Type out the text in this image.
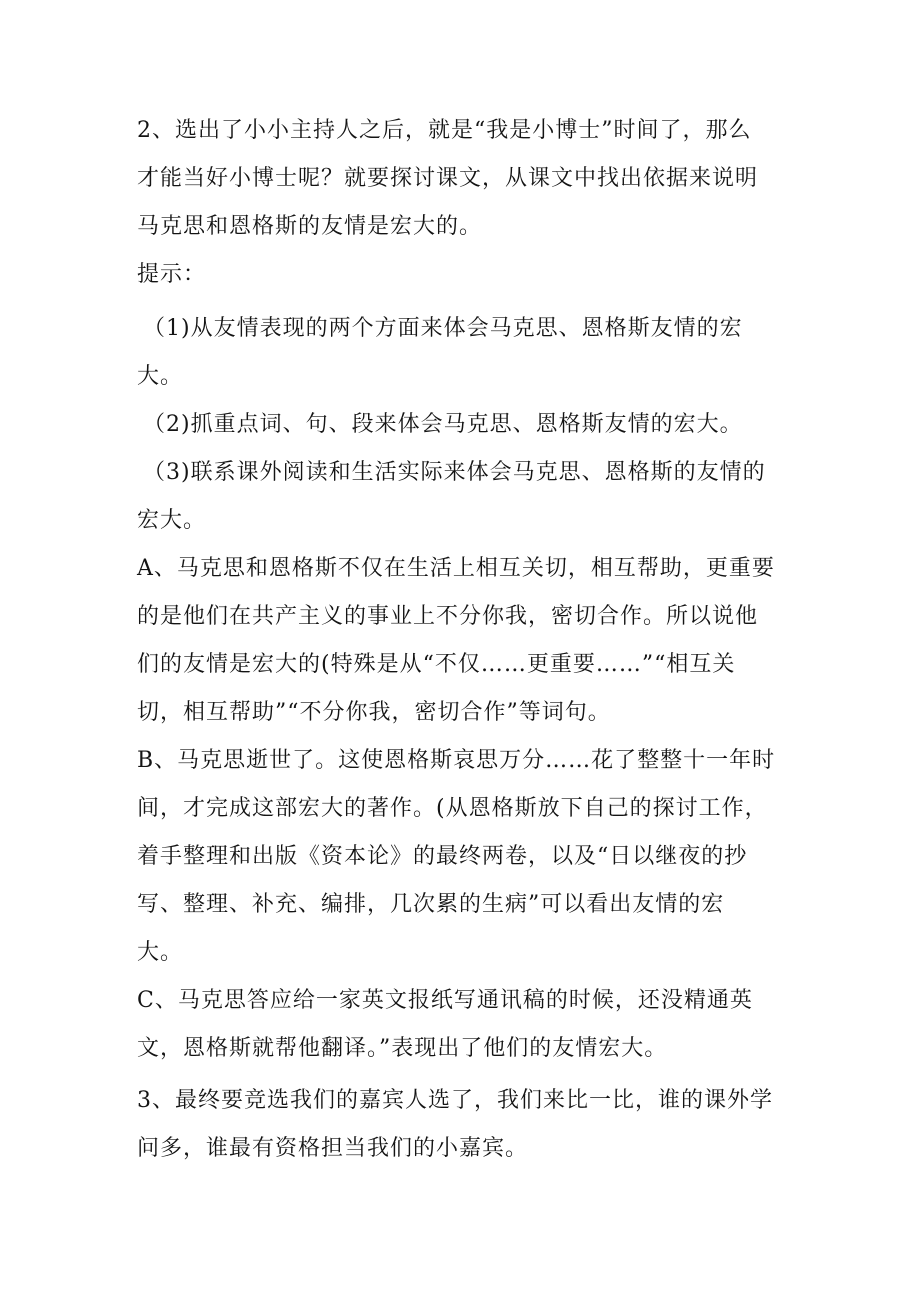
2、选出了小小主持人之后，就是“我是小博士”时间了，那么
才能当好小博士呢？就要探讨课文，从课文中找出依据来说明
马克思和恩格斯的友情是宏大的。
提示：
（1)从友情表现的两个方面来体会马克思、恩格斯友情的宏
大。
（2)抓重点词、句、段来体会马克思、恩格斯友情的宏大。
（3)联系课外阅读和生活实际来体会马克思、恩格斯的友情的
宏大。
A、马克思和恩格斯不仅在生活上相互关切，相互帮助，更重要
的是他们在共产主义的事业上不分你我，密切合作。所以说他
们的友情是宏大的(特殊是从“不仅……更重要……”“相互关
切，相互帮助”“不分你我，密切合作”等词句。
B、马克思逝世了。这使恩格斯哀思万分……花了整整十一年时
间，才完成这部宏大的著作。(从恩格斯放下自己的探讨工作，
着手整理和出版《资本论》的最终两卷，以及“日以继夜的抄
写、整理、补充、编排，几次累的生病”可以看出友情的宏
大。
C、马克思答应给一家英文报纸写通讯稿的时候，还没精通英
文，恩格斯就帮他翻译。”表现出了他们的友情宏大。
3、最终要竞选我们的嘉宾人选了，我们来比一比，谁的课外学
问多，谁最有资格担当我们的小嘉宾。
